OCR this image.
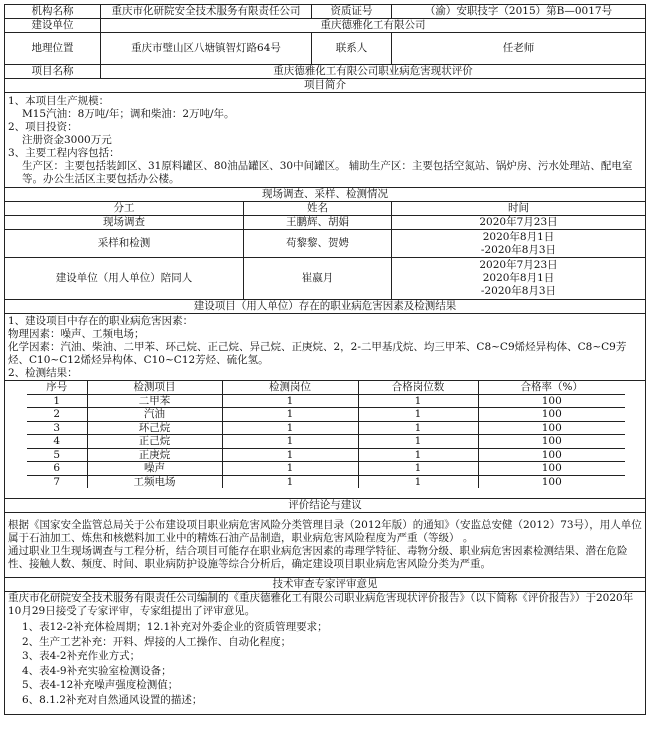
机构名称	重庆市化研院安全技术服务有限责任公司	资质证号	（渝）安职技字（2015）第B—0017号
建设单位	重庆德雅化工有限公司
地理位置	重庆市璧山区八塘镇智灯路64号	联系人	任老师
项目名称	重庆德雅化工有限公司职业病危害现状评价
项目简介

1、本项目生产规模：
M15汽油：8万吨/年；调和柴油：2万吨/年。
2、项目投资：
注册资金3000万元
3、主要工程内容包括：
生产区：主要包括装卸区、31原料罐区、80油品罐区、30中间罐区。 辅助生产区：主要包括空氮站、锅炉房、污水处理站、配电室等。办公生活区主要包括办公楼。

现场调查、采样、检测情况
分工	姓名	时间
现场调查	王鹏辉、胡娟	2020年7月23日

采样和检测	苟黎黎、贺娉	
2020年8月1日
-2020年8月3日

建设单位（用人单位）陪同人	崔嬴月	
2020年7月23日
2020年8月1日
-2020年8月3日

建设项目（用人单位）存在的职业病危害因素及检测结果

1、建设项目中存在的职业病危害因素：
物理因素：噪声、工频电场；
化学因素：汽油、柴油、二甲苯、环己烷、正己烷、异己烷、正庚烷、2，2-二甲基戊烷、均三甲苯、C8~C9烯烃异构体、C8~C9芳烃、C10~C12烯烃异构体、C10~C12芳烃、硫化氢。
2、检测结果：

序号	检测项目	检测岗位	合格岗位数	合格率（%）
1	二甲苯	1	1	100
2	汽油	1	1	100
3	环己烷	1	1	100
4	正己烷	1	1	100
5	正庚烷	1	1	100
6	噪声	1	1	100
7	工频电场	1	1	100

评价结论与建议

根据《国家安全监管总局关于公布建设项目职业病危害风险分类管理目录（2012年版）的通知》（安监总安健（2012）73号），用人单位属于石油加工、炼焦和核燃料加工业中的精炼石油产品制造，职业病危害风险程度为严重（等级） 。
通过职业卫生现场调查与工程分析，结合项目可能存在职业病危害因素的毒理学特征、毒物分级、职业病危害因素检测结果、潜在危险性、接触人数、频度、时间、职业病防护设施等综合分析后，确定建设项目职业病危害风险分类为严重。

技术审查专家评审意见

重庆市化研院安全技术服务有限责任公司编制的《重庆德雅化工有限公司职业病危害现状评价报告》（以下简称《评价报告》）于2020年10月29日接受了专家评审，专家组提出了评审意见。
1、表12-2补充体检周期；12.1补充对外委企业的资质管理要求；
2、生产工艺补充：开料、焊接的人工操作、自动化程度；
3、表4-2补充作业方式；
4、表4-9补充实验室检测设备；
5、表4-12补充噪声强度检测值；
6、8.1.2补充对自然通风设置的描述；
